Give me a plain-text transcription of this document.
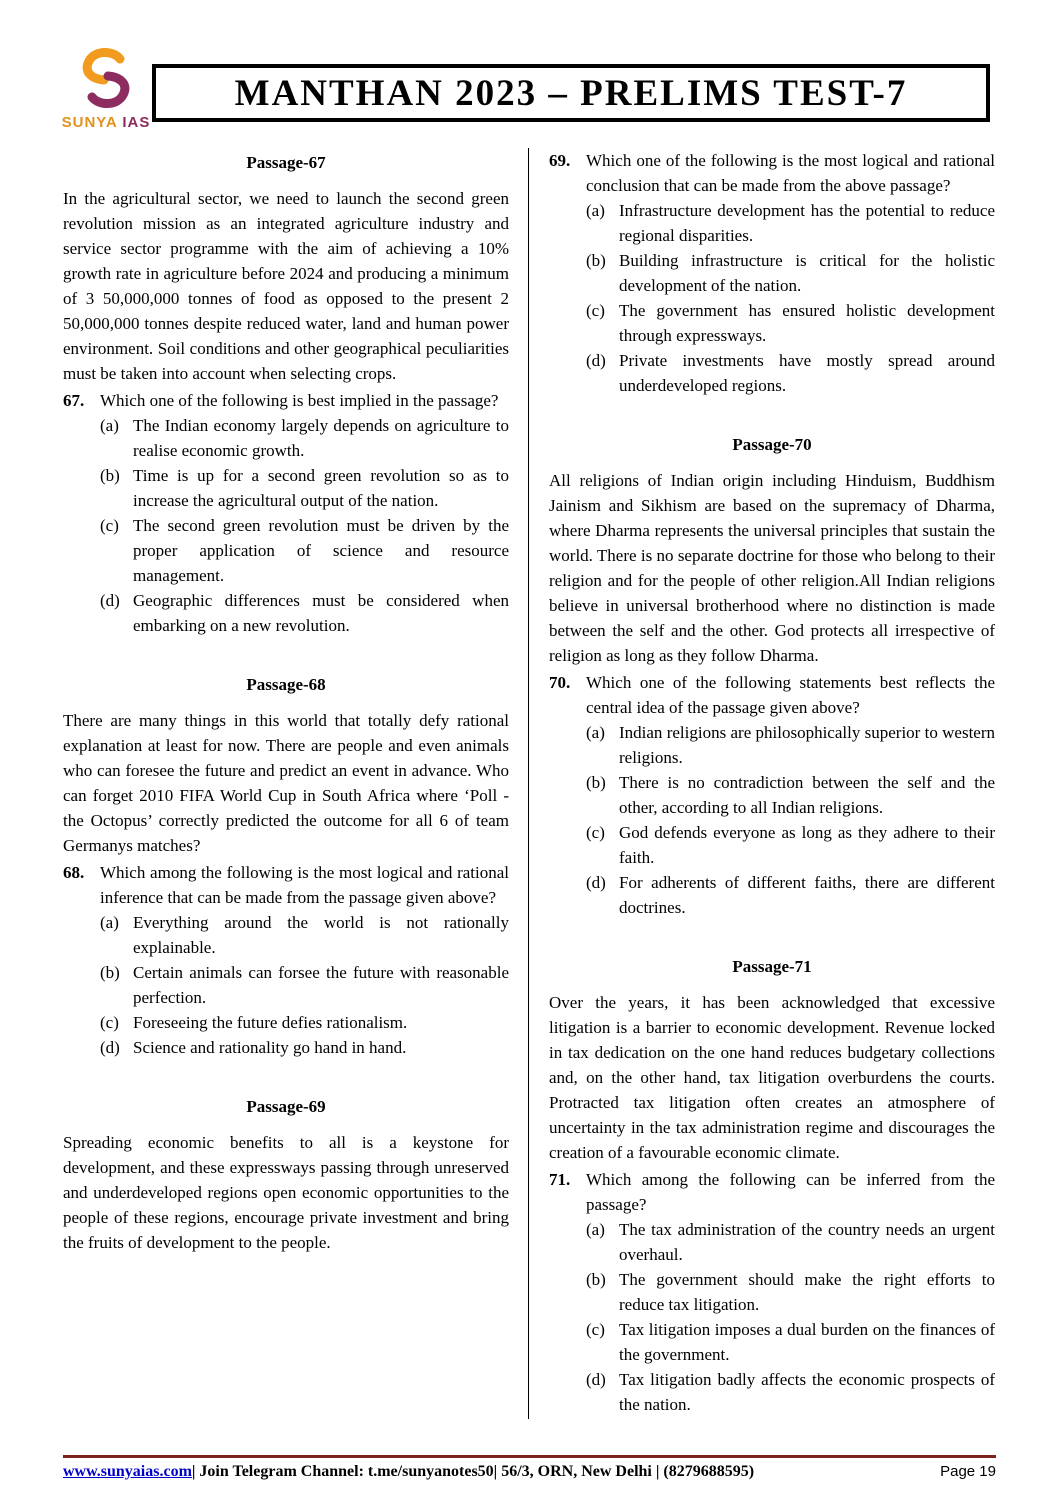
SUNYA IAS
MANTHAN 2023 – PRELIMS TEST-7
Passage-67
In the agricultural sector, we need to launch the second green revolution mission as an integrated agriculture industry and service sector programme with the aim of achieving a 10% growth rate in agriculture before 2024 and producing a minimum of 3 50,000,000 tonnes of food as opposed to the present 2 50,000,000 tonnes despite reduced water, land and human power environment. Soil conditions and other geographical peculiarities must be taken into account when selecting crops.
67. Which one of the following is best implied in the passage?
(a) The Indian economy largely depends on agriculture to realise economic growth.
(b) Time is up for a second green revolution so as to increase the agricultural output of the nation.
(c) The second green revolution must be driven by the proper application of science and resource management.
(d) Geographic differences must be considered when embarking on a new revolution.
Passage-68
There are many things in this world that totally defy rational explanation at least for now. There are people and even animals who can foresee the future and predict an event in advance. Who can forget 2010 FIFA World Cup in South Africa where ‘Poll - the Octopus’ correctly predicted the outcome for all 6 of team Germanys matches?
68. Which among the following is the most logical and rational inference that can be made from the passage given above?
(a) Everything around the world is not rationally explainable.
(b) Certain animals can forsee the future with reasonable perfection.
(c) Foreseeing the future defies rationalism.
(d) Science and rationality go hand in hand.
Passage-69
Spreading economic benefits to all is a keystone for development, and these expressways passing through unreserved and underdeveloped regions open economic opportunities to the people of these regions, encourage private investment and bring the fruits of development to the people.
69. Which one of the following is the most logical and rational conclusion that can be made from the above passage?
(a) Infrastructure development has the potential to reduce regional disparities.
(b) Building infrastructure is critical for the holistic development of the nation.
(c) The government has ensured holistic development through expressways.
(d) Private investments have mostly spread around underdeveloped regions.
Passage-70
All religions of Indian origin including Hinduism, Buddhism Jainism and Sikhism are based on the supremacy of Dharma, where Dharma represents the universal principles that sustain the world. There is no separate doctrine for those who belong to their religion and for the people of other religion.All Indian religions believe in universal brotherhood where no distinction is made between the self and the other. God protects all irrespective of religion as long as they follow Dharma.
70. Which one of the following statements best reflects the central idea of the passage given above?
(a) Indian religions are philosophically superior to western religions.
(b) There is no contradiction between the self and the other, according to all Indian religions.
(c) God defends everyone as long as they adhere to their faith.
(d) For adherents of different faiths, there are different doctrines.
Passage-71
Over the years, it has been acknowledged that excessive litigation is a barrier to economic development. Revenue locked in tax dedication on the one hand reduces budgetary collections and, on the other hand, tax litigation overburdens the courts. Protracted tax litigation often creates an atmosphere of uncertainty in the tax administration regime and discourages the creation of a favourable economic climate.
71. Which among the following can be inferred from the passage?
(a) The tax administration of the country needs an urgent overhaul.
(b) The government should make the right efforts to reduce tax litigation.
(c) Tax litigation imposes a dual burden on the finances of the government.
(d) Tax litigation badly affects the economic prospects of the nation.
www.sunyaias.com| Join Telegram Channel: t.me/sunyanotes50| 56/3, ORN, New Delhi | (8279688595)	Page 19
